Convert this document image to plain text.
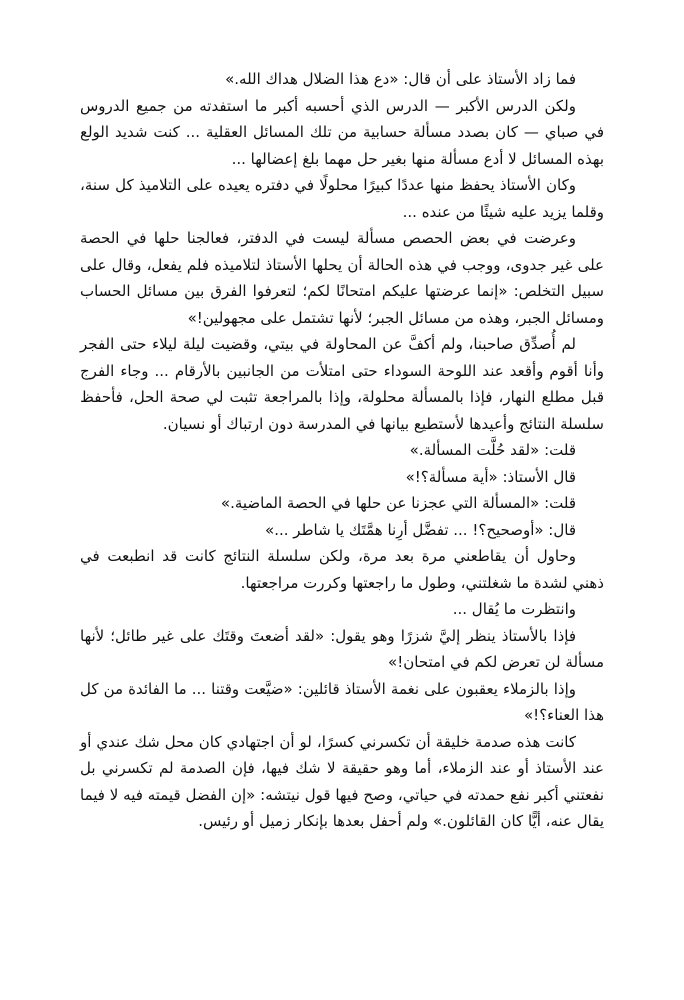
فما زاد الأستاذ على أن قال: «دع هذا الضلال هداك الله.»

ولكن الدرس الأكبر — الدرس الذي أحسبه أكبر ما استفدته من جميع الدروس في صباي — كان بصدد مسألة حسابية من تلك المسائل العقلية ... كنت شديد الولع بهذه المسائل لا أدع مسألة منها بغير حل مهما بلغ إعضالها ...

وكان الأستاذ يحفظ منها عددًا كبيرًا محلولًا في دفتره يعيده على التلاميذ كل سنة، وقلما يزيد عليه شيئًا من عنده ...

وعرضت في بعض الحصص مسألة ليست في الدفتر، فعالجنا حلها في الحصة على غير جدوى، ووجب في هذه الحالة أن يحلها الأستاذ لتلاميذه فلم يفعل، وقال على سبيل التخلص: «إنما عرضتها عليكم امتحانًا لكم؛ لتعرفوا الفرق بين مسائل الحساب ومسائل الجبر، وهذه من مسائل الجبر؛ لأنها تشتمل على مجهولين!»

لم أُصدِّق صاحبنا، ولم أكفَّ عن المحاولة في بيتي، وقضيت ليلة ليلاء حتى الفجر وأنا أقوم وأقعد عند اللوحة السوداء حتى امتلأت من الجانبين بالأرقام ... وجاء الفرج قبل مطلع النهار، فإذا بالمسألة محلولة، وإذا بالمراجعة تثبت لي صحة الحل، فأحفظ سلسلة النتائج وأعيدها لأستطيع بيانها في المدرسة دون ارتباك أو نسيان.

قلت: «لقد حُلَّت المسألة.»

قال الأستاذ: «أية مسألة؟!»

قلت: «المسألة التي عجزنا عن حلها في الحصة الماضية.»

قال: «أوصحيح؟! ... تفضَّل أرِنا همَّتَك يا شاطر ...»

وحاول أن يقاطعني مرة بعد مرة، ولكن سلسلة النتائج كانت قد انطبعت في ذهني لشدة ما شغلتني، وطول ما راجعتها وكررت مراجعتها.

وانتظرت ما يُقال ...

فإذا بالأستاذ ينظر إليَّ شزرًا وهو يقول: «لقد أضعتَ وقتَك على غير طائل؛ لأنها مسألة لن تعرض لكم في امتحان!»

وإذا بالزملاء يعقبون على نغمة الأستاذ قائلين: «ضيَّعت وقتنا ... ما الفائدة من كل هذا العناء؟!»

كانت هذه صدمة خليقة أن تكسرني كسرًا، لو أن اجتهادي كان محل شك عندي أو عند الأستاذ أو عند الزملاء، أما وهو حقيقة لا شك فيها، فإن الصدمة لم تكسرني بل نفعتني أكبر نفع حمدته في حياتي، وصح فيها قول نيتشه: «إن الفضل قيمته فيه لا فيما يقال عنه، أيًّا كان القائلون.» ولم أحفل بعدها بإنكار زميل أو رئيس.
